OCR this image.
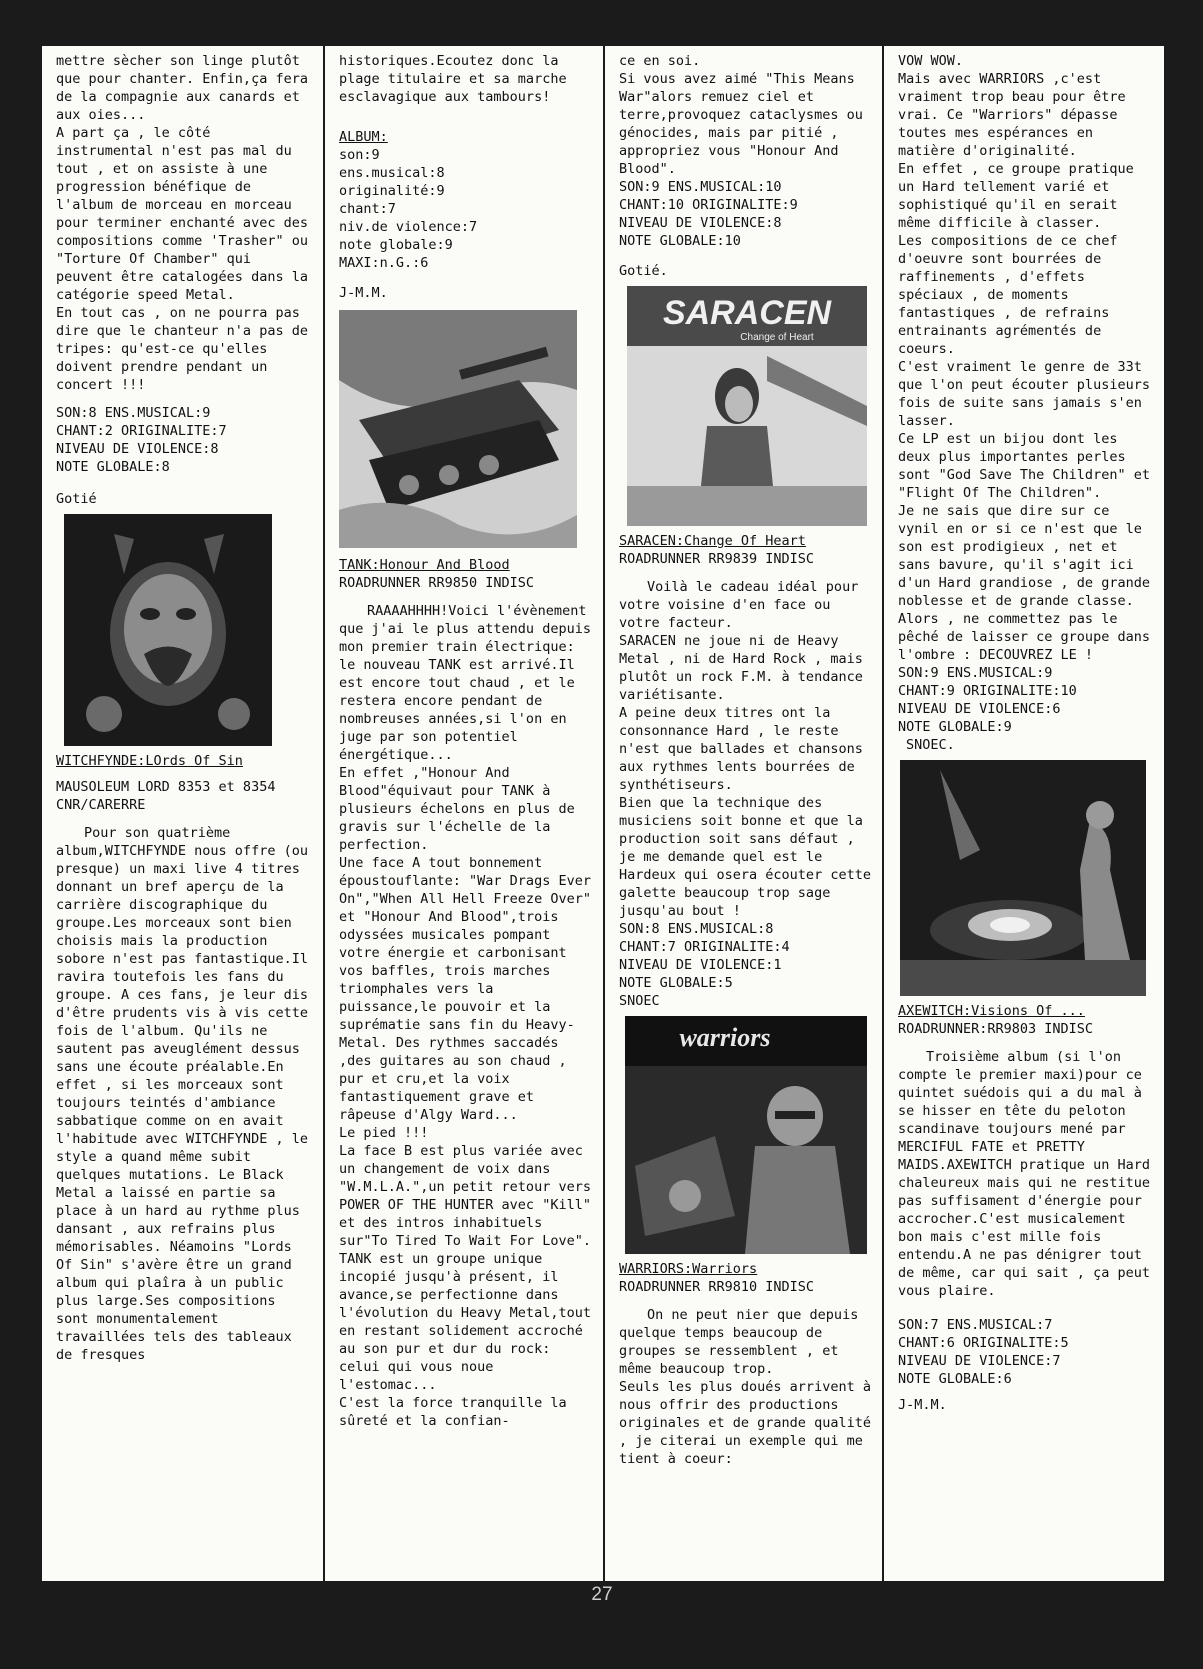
mettre sècher son linge plutôt que pour chanter. Enfin,ça fera de la compagnie aux canards et aux oies...
A part ça , le côté instrumental n'est pas mal du tout , et on assiste à une progression bénéfique de l'album de morceau en morceau pour terminer enchanté avec des compositions comme 'Trasher" ou "Torture Of Chamber" qui peuvent être catalogées dans la catégorie speed Metal.
En tout cas , on ne pourra pas dire que le chanteur n'a pas de tripes: qu'est-ce qu'elles doivent prendre pendant un concert !!!

SON:8 ENS.MUSICAL:9
CHANT:2 ORIGINALITE:7
NIVEAU DE VIOLENCE:8
NOTE GLOBALE:8

Gotié

WITCHFYNDE:LOrds Of Sin

MAUSOLEUM LORD 8353 et 8354 CNR/CARERRE

Pour son quatrième album,WITCHFYNDE nous offre (ou presque) un maxi live 4 titres donnant un bref aperçu de la carrière discographique du groupe.Les morceaux sont bien choisis mais la production sobore n'est pas fantastique.Il ravira toutefois les fans du groupe. A ces fans, je leur dis d'être prudents vis à vis cette fois de l'album. Qu'ils ne sautent pas aveuglément dessus sans une écoute préalable.En effet , si les morceaux sont toujours teintés d'ambiance sabbatique comme on en avait l'habitude avec WITCHFYNDE , le style a quand même subit quelques mutations. Le Black Metal a laissé en partie sa place à un hard au rythme plus dansant , aux refrains plus mémorisables. Néamoins "Lords Of Sin" s'avère être un grand album qui plaîra à un public plus large.Ses compositions sont monumentalement travaillées tels des tableaux de fresques

historiques.Ecoutez donc la plage titulaire et sa marche esclavagique aux tambours!

ALBUM:

son:9
ens.musical:8
originalité:9
chant:7
niv.de violence:7
note globale:9
MAXI:n.G.:6

J-M.M.

TANK:Honour And Blood

ROADRUNNER RR9850 INDISC

RAAAAHHHH!Voici l'évènement que j'ai le plus attendu depuis mon premier train électrique: le nouveau TANK est arrivé.Il est encore tout chaud , et le restera encore pendant de nombreuses années,si l'on en juge par son potentiel énergétique...
En effet ,"Honour And Blood"équivaut pour TANK à plusieurs échelons en plus de gravis sur l'échelle de la perfection.
Une face A tout bonnement époustouflante: "War Drags Ever On","When All Hell Freeze Over" et "Honour And Blood",trois odyssées musicales pompant votre énergie et carbonisant vos baffles, trois marches triomphales vers la puissance,le pouvoir et la suprématie sans fin du Heavy-Metal. Des rythmes saccadés ,des guitares au son chaud , pur et cru,et la voix fantastiquement grave et râpeuse d'Algy Ward...
Le pied !!!
La face B est plus variée avec un changement de voix dans "W.M.L.A.",un petit retour vers POWER OF THE HUNTER avec "Kill" et des intros inhabituels sur"To Tired To Wait For Love".
TANK est un groupe unique incopié jusqu'à présent, il avance,se perfectionne dans l'évolution du Heavy Metal,tout en restant solidement accroché au son pur et dur du rock: celui qui vous noue l'estomac...
C'est la force tranquille la sûreté et la confian-

ce en soi.
Si vous avez aimé "This Means War"alors remuez ciel et terre,provoquez cataclysmes ou génocides, mais par pitié , appropriez vous "Honour And Blood".

SON:9 ENS.MUSICAL:10
CHANT:10 ORIGINALITE:9
NIVEAU DE VIOLENCE:8
NOTE GLOBALE:10

Gotié.

SARACEN
Change of Heart

SARACEN:Change Of Heart

ROADRUNNER RR9839 INDISC

Voilà le cadeau idéal pour votre voisine d'en face ou votre facteur.
SARACEN ne joue ni de Heavy Metal , ni de Hard Rock , mais plutôt un rock F.M. à tendance variétisante.
A peine deux titres ont la consonnance Hard , le reste n'est que ballades et chansons aux rythmes lents bourrées de synthétiseurs.
Bien que la technique des musiciens soit bonne et que la production soit sans défaut , je me demande quel est le Hardeux qui osera écouter cette galette beaucoup trop sage jusqu'au bout !

SON:8 ENS.MUSICAL:8
CHANT:7 ORIGINALITE:4
NIVEAU DE VIOLENCE:1
NOTE GLOBALE:5

SNOEC

warriors

WARRIORS:Warriors

ROADRUNNER RR9810 INDISC

On ne peut nier que depuis quelque temps beaucoup de groupes se ressemblent , et même beaucoup trop.
Seuls les plus doués arrivent à nous offrir des productions originales et de grande qualité , je citerai un exemple qui me tient à coeur:

VOW WOW.
Mais avec WARRIORS ,c'est vraiment trop beau pour être vrai. Ce "Warriors" dépasse toutes mes espérances en matière d'originalité.
En effet , ce groupe pratique un Hard tellement varié et sophistiqué qu'il en serait même difficile à classer.
Les compositions de ce chef d'oeuvre sont bourrées de raffinements , d'effets spéciaux , de moments fantastiques , de refrains entrainants agrémentés de coeurs.
C'est vraiment le genre de 33t que l'on peut écouter plusieurs fois de suite sans jamais s'en lasser.
Ce LP est un bijou dont les deux plus importantes perles sont "God Save The Children" et "Flight Of The Children".
Je ne sais que dire sur ce vynil en or si ce n'est que le son est prodigieux , net et sans bavure, qu'il s'agit ici d'un Hard grandiose , de grande noblesse et de grande classe.
Alors , ne commettez pas le pêché de laisser ce groupe dans l'ombre : DECOUVREZ LE !

SON:9 ENS.MUSICAL:9
CHANT:9 ORIGINALITE:10
NIVEAU DE VIOLENCE:6
NOTE GLOBALE:9

SNOEC.

AXEWITCH:Visions Of ...

ROADRUNNER:RR9803 INDISC

Troisième album (si l'on compte le premier maxi)pour ce quintet suédois qui a du mal à se hisser en tête du peloton scandinave toujours mené par MERCIFUL FATE et PRETTY MAIDS.AXEWITCH pratique un Hard chaleureux mais qui ne restitue pas suffisament d'énergie pour accrocher.C'est musicalement bon mais c'est mille fois entendu.A ne pas dénigrer tout de même, car qui sait , ça peut vous plaire.

SON:7 ENS.MUSICAL:7
CHANT:6 ORIGINALITE:5
NIVEAU DE VIOLENCE:7
NOTE GLOBALE:6

J-M.M.

27
